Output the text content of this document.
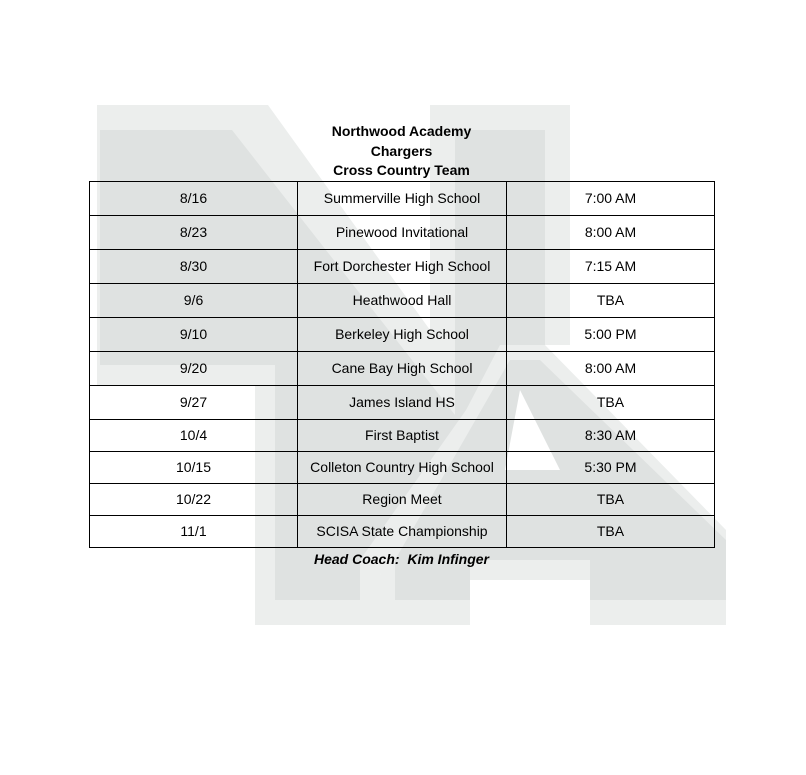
Northwood Academy
Chargers
Cross Country Team
8/16	Summerville High School	7:00 AM
8/23	Pinewood Invitational	8:00 AM
8/30	Fort Dorchester High School	7:15 AM
9/6	Heathwood Hall	TBA
9/10	Berkeley High School	5:00 PM
9/20	Cane Bay High School	8:00 AM
9/27	James Island HS	TBA
10/4	First Baptist	8:30 AM
10/15	Colleton Country High School	5:30 PM
10/22	Region Meet	TBA
11/1	SCISA State Championship	TBA
Head Coach:  Kim Infinger
